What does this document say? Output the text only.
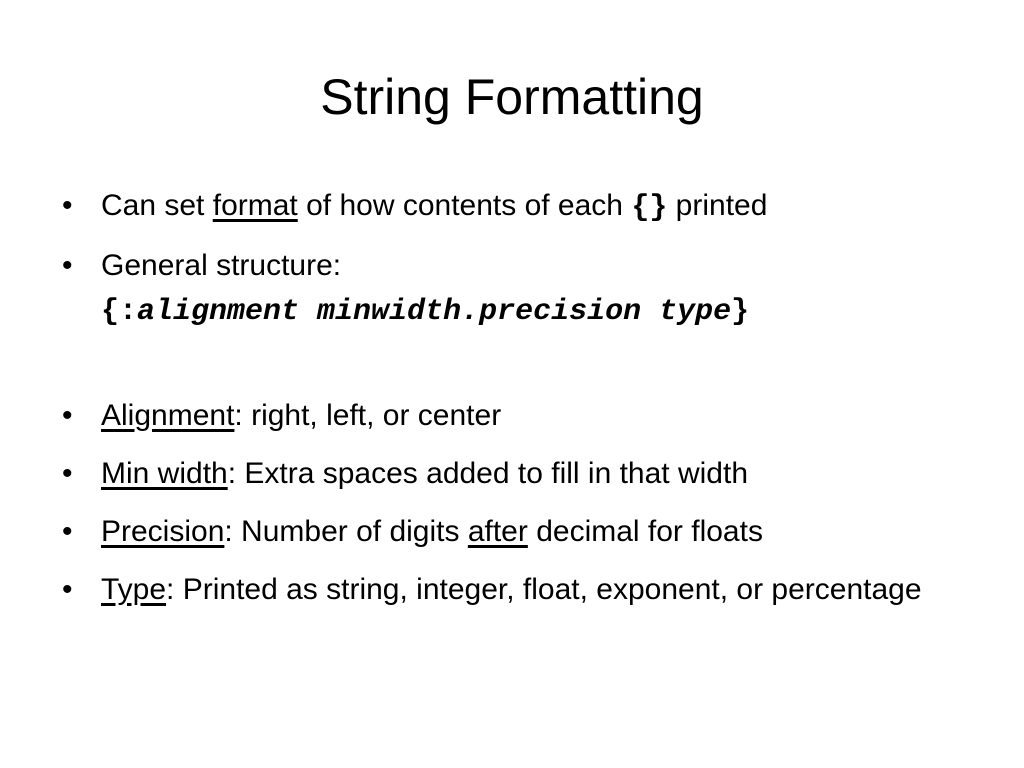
String Formatting
• Can set format of how contents of each {} printed
• General structure:
{:alignment minwidth.precision type}
• Alignment: right, left, or center
• Min width: Extra spaces added to fill in that width
• Precision: Number of digits after decimal for floats
• Type: Printed as string, integer, float, exponent, or percentage
